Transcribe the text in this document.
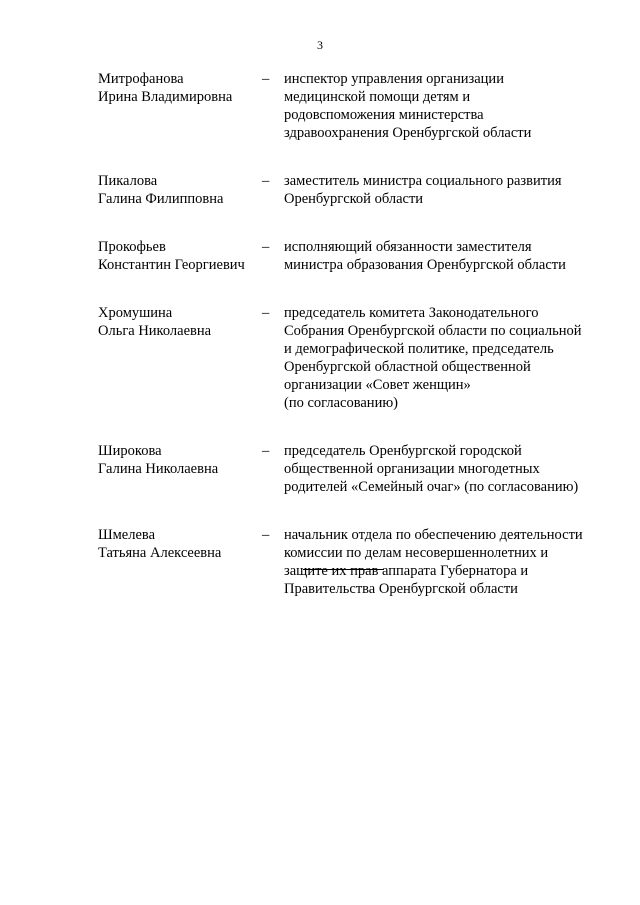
3
Митрофанова
Ирина Владимировна
–	инспектор управления организации
медицинской помощи детям и
родовспоможения министерства
здравоохранения Оренбургской области
Пикалова
Галина Филипповна
–	заместитель министра социального развития
Оренбургской области
Прокофьев
Константин Георгиевич
–	исполняющий обязанности заместителя
министра образования Оренбургской области
Хромушина
Ольга Николаевна
–	председатель комитета Законодательного
Собрания Оренбургской области по социальной
и демографической политике, председатель
Оренбургской областной общественной
организации «Совет женщин»
(по согласованию)
Широкова
Галина Николаевна
–	председатель Оренбургской городской
общественной организации многодетных
родителей «Семейный очаг» (по согласованию)
Шмелева
Татьяна Алексеевна
–	начальник отдела по обеспечению деятельности
комиссии по делам несовершеннолетних и
защите их прав аппарата Губернатора и
Правительства Оренбургской области
